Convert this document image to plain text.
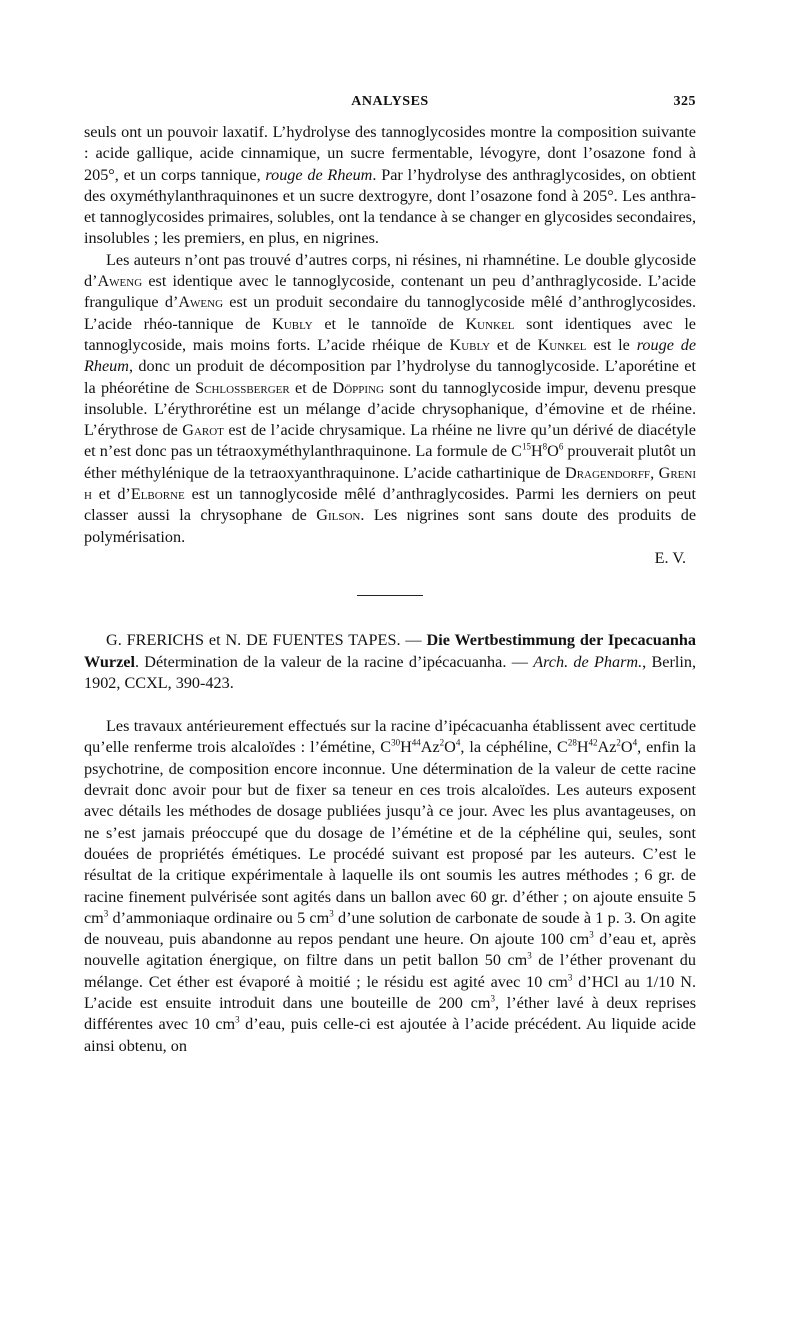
ANALYSES	325

seuls ont un pouvoir laxatif. L’hydrolyse des tannoglycosides montre la composition suivante : acide gallique, acide cinnamique, un sucre fermentable, lévogyre, dont l’osazone fond à 205°, et un corps tannique, rouge de Rheum. Par l’hydrolyse des anthraglycosides, on obtient des oxyméthylanthraquinones et un sucre dextrogyre, dont l’osazone fond à 205°. Les anthra- et tannoglycosides primaires, solubles, ont la tendance à se changer en glycosides secondaires, insolubles ; les premiers, en plus, en nigrines.

Les auteurs n’ont pas trouvé d’autres corps, ni résines, ni rhamnétine. Le double glycoside d’Aweng est identique avec le tannoglycoside, contenant un peu d’anthraglycoside. L’acide frangulique d’Aweng est un produit secondaire du tannoglycoside mêlé d’anthroglycosides. L’acide rhéo-tannique de Kubly et le tannoïde de Kunkel sont identiques avec le tannoglycoside, mais moins forts. L’acide rhéique de Kubly et de Kunkel est le rouge de Rheum, donc un produit de décomposition par l’hydrolyse du tannoglycoside. L’aporétine et la phéorétine de Schlossberger et de Döpping sont du tannoglycoside impur, devenu presque insoluble. L’érythrorétine est un mélange d’acide chrysophanique, d’émovine et de rhéine. L’érythrose de Garot est de l’acide chrysamique. La rhéine ne livre qu’un dérivé de diacétyle et n’est donc pas un tétraoxyméthylanthraquinone. La formule de $C^{15}H^8O^6$ prouverait plutôt un éther méthylénique de la tetraoxyanthraquinone. L’acide cathartinique de Dragendorff, Greni h et d’Elborne est un tannoglycoside mêlé d’anthraglycosides. Parmi les derniers on peut classer aussi la chrysophane de Gilson. Les nigrines sont sans doute des produits de polymérisation.

E. V.

G. FRERICHS et N. DE FUENTES TAPES. — Die Wertbestimmung der Ipecacuanha Wurzel. Détermination de la valeur de la racine d’ipécacuanha. — Arch. de Pharm., Berlin, 1902, CCXL, 390-423.

Les travaux antérieurement effectués sur la racine d’ipécacuanha établissent avec certitude qu’elle renferme trois alcaloïdes : l’émétine, $C^{30}H^{44}Az^2O^4$, la céphéline, $C^{28}H^{42}Az^2O^4$, enfin la psychotrine, de composition encore inconnue. Une détermination de la valeur de cette racine devrait donc avoir pour but de fixer sa teneur en ces trois alcaloïdes. Les auteurs exposent avec détails les méthodes de dosage publiées jusqu’à ce jour. Avec les plus avantageuses, on ne s’est jamais préoccupé que du dosage de l’émétine et de la céphéline qui, seules, sont douées de propriétés émétiques. Le procédé suivant est proposé par les auteurs. C’est le résultat de la critique expérimentale à laquelle ils ont soumis les autres méthodes ; 6 gr. de racine finement pulvérisée sont agités dans un ballon avec 60 gr. d’éther ; on ajoute ensuite 5 $cm^3$ d’ammoniaque ordinaire ou 5 $cm^3$ d’une solution de carbonate de soude à 1 p. 3. On agite de nouveau, puis abandonne au repos pendant une heure. On ajoute 100 $cm^3$ d’eau et, après nouvelle agitation énergique, on filtre dans un petit ballon 50 $cm^3$ de l’éther provenant du mélange. Cet éther est évaporé à moitié ; le résidu est agité avec 10 $cm^3$ d’HCl au 1/10 N. L’acide est ensuite introduit dans une bouteille de 200 $cm^3$, l’éther lavé à deux reprises différentes avec 10 $cm^3$ d’eau, puis celle-ci est ajoutée à l’acide précédent. Au liquide acide ainsi obtenu, on
